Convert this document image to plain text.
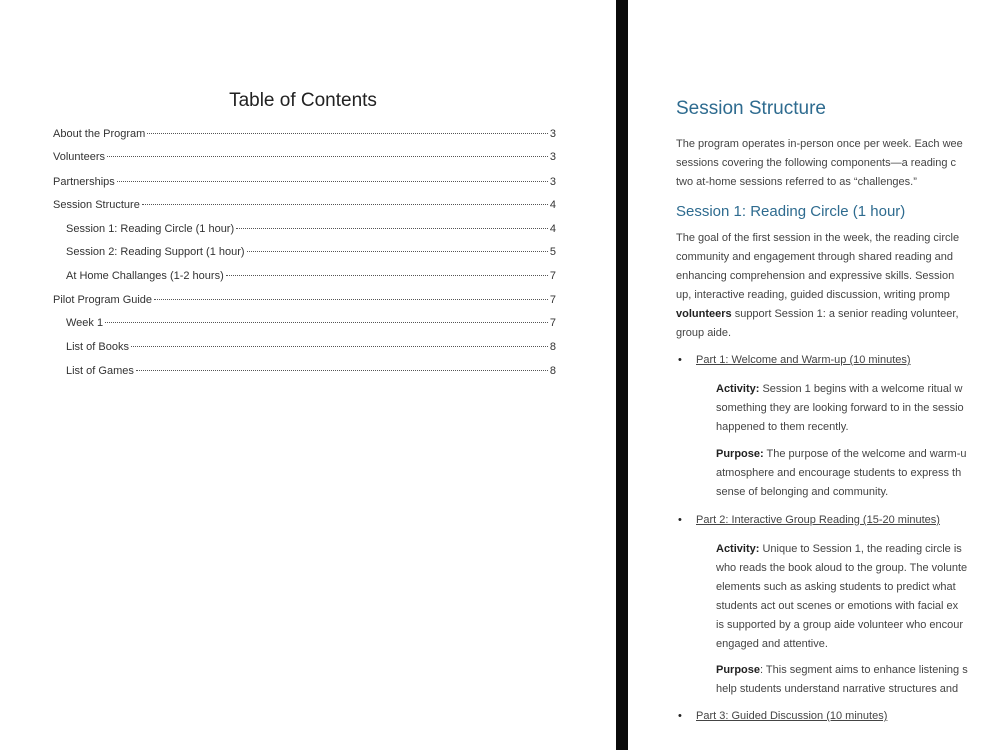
Table of Contents
About the Program	3
Volunteers	3
Partnerships	3
Session Structure	4
Session 1: Reading Circle (1 hour)	4
Session 2: Reading Support (1 hour)	5
At Home Challanges (1-2 hours)	7
Pilot Program Guide	7
Week 1	7
List of Books	8
List of Games	8
Session Structure
The program operates in-person once per week. Each wee
sessions covering the following components—a reading c
two at-home sessions referred to as “challenges.”
Session 1: Reading Circle (1 hour)
The goal of the first session in the week, the reading circle
community and engagement through shared reading and
enhancing comprehension and expressive skills. Session
up, interactive reading, guided discussion, writing promp
volunteers support Session 1: a senior reading volunteer,
group aide.
• Part 1: Welcome and Warm-up (10 minutes)
Activity: Session 1 begins with a welcome ritual w
something they are looking forward to in the sessio
happened to them recently.
Purpose: The purpose of the welcome and warm-u
atmosphere and encourage students to express th
sense of belonging and community.
• Part 2: Interactive Group Reading (15-20 minutes)
Activity: Unique to Session 1, the reading circle is
who reads the book aloud to the group. The volunte
elements such as asking students to predict what
students act out scenes or emotions with facial ex
is supported by a group aide volunteer who encour
engaged and attentive.
Purpose: This segment aims to enhance listening s
help students understand narrative structures and
• Part 3: Guided Discussion (10 minutes)
